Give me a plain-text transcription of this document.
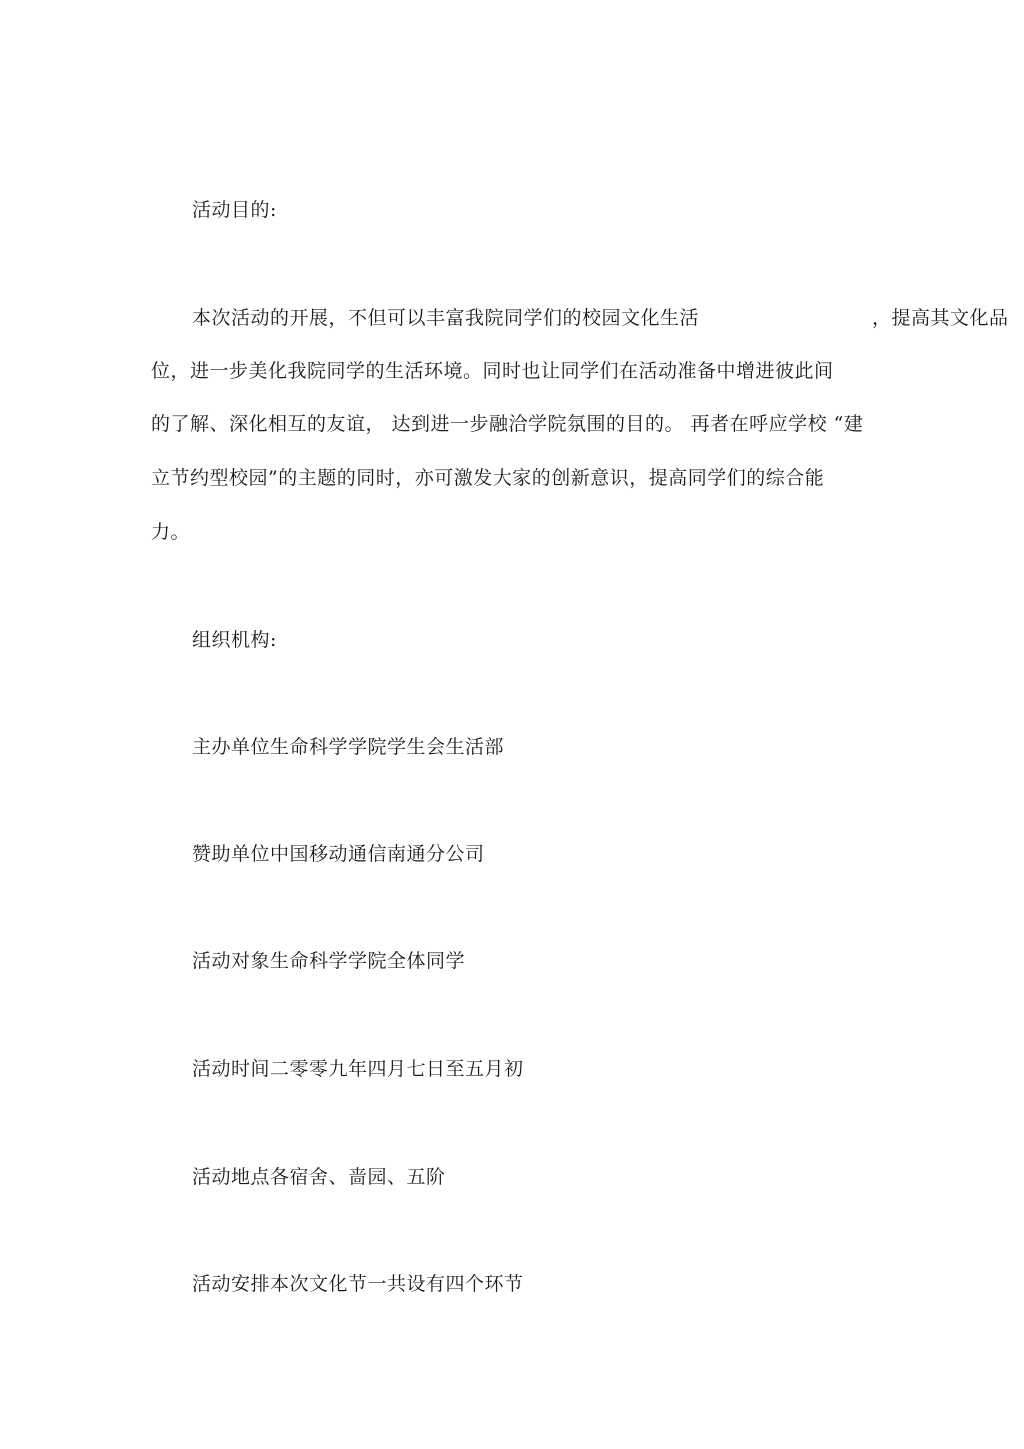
活动目的:
本次活动的开展，不但可以丰富我院同学们的校园文化生活	，提高其文化品
位，进一步美化我院同学的生活环境。同时也让同学们在活动准备中增进彼此间
的了解、深化相互的友谊， 达到进一步融洽学院氛围的目的。 再者在呼应学校 “建
立节约型校园”的主题的同时，亦可激发大家的创新意识，提高同学们的综合能
力。
组织机构:
主办单位生命科学学院学生会生活部
赞助单位中国移动通信南通分公司
活动对象生命科学学院全体同学
活动时间二零零九年四月七日至五月初
活动地点各宿舍、啬园、五阶
活动安排本次文化节一共设有四个环节
